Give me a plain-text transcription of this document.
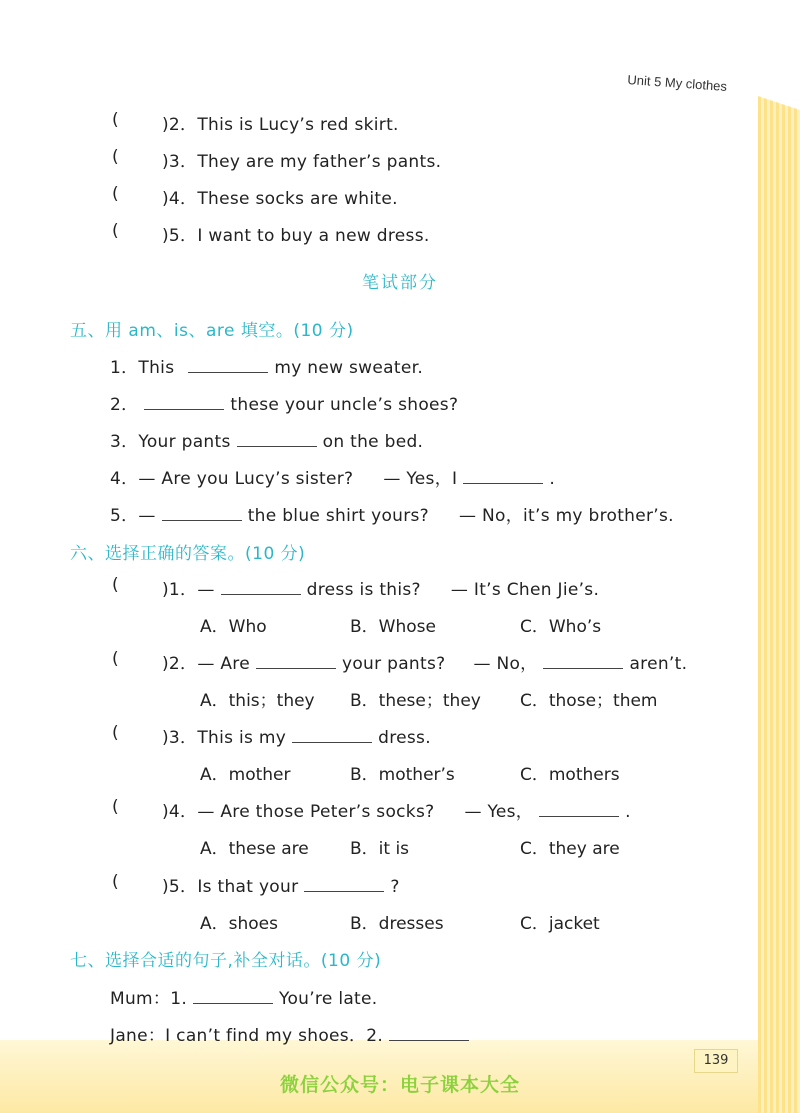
Unit 5 My clothes
(	)2．This is Lucy’s red skirt.
(	)3．They are my father’s pants.
(	)4．These socks are white.
(	)5．I want to buy a new dress.
笔试部分
五、用 am、is、are 填空。(10 分)
1．This	my new sweater.
2．	these your uncle’s shoes?
3．Your pants	on the bed.
4．— Are you Lucy’s sister? — Yes，I	.
5．—	the blue shirt yours? — No，it’s my brother’s.
六、选择正确的答案。(10 分)
(	)1．—	dress is this? — It’s Chen Jie’s.
A．Who	B．Whose	C．Who’s
(	)2．— Are	your pants? — No，	aren’t.
A．this；they B．these；they C．those；them
(	)3．This is my	dress.
A．mother	B．mother’s	C．mothers
(	)4．— Are those Peter’s socks? — Yes，	.
A．these are B．it is	C．they are
(	)5．Is that your	?
A．shoes	B．dresses	C．jacket
七、选择合适的句子,补全对话。(10 分)
Mum：1.	You’re late.
Jane：I can’t find my shoes．2.
139
微信公众号：电子课本大全
